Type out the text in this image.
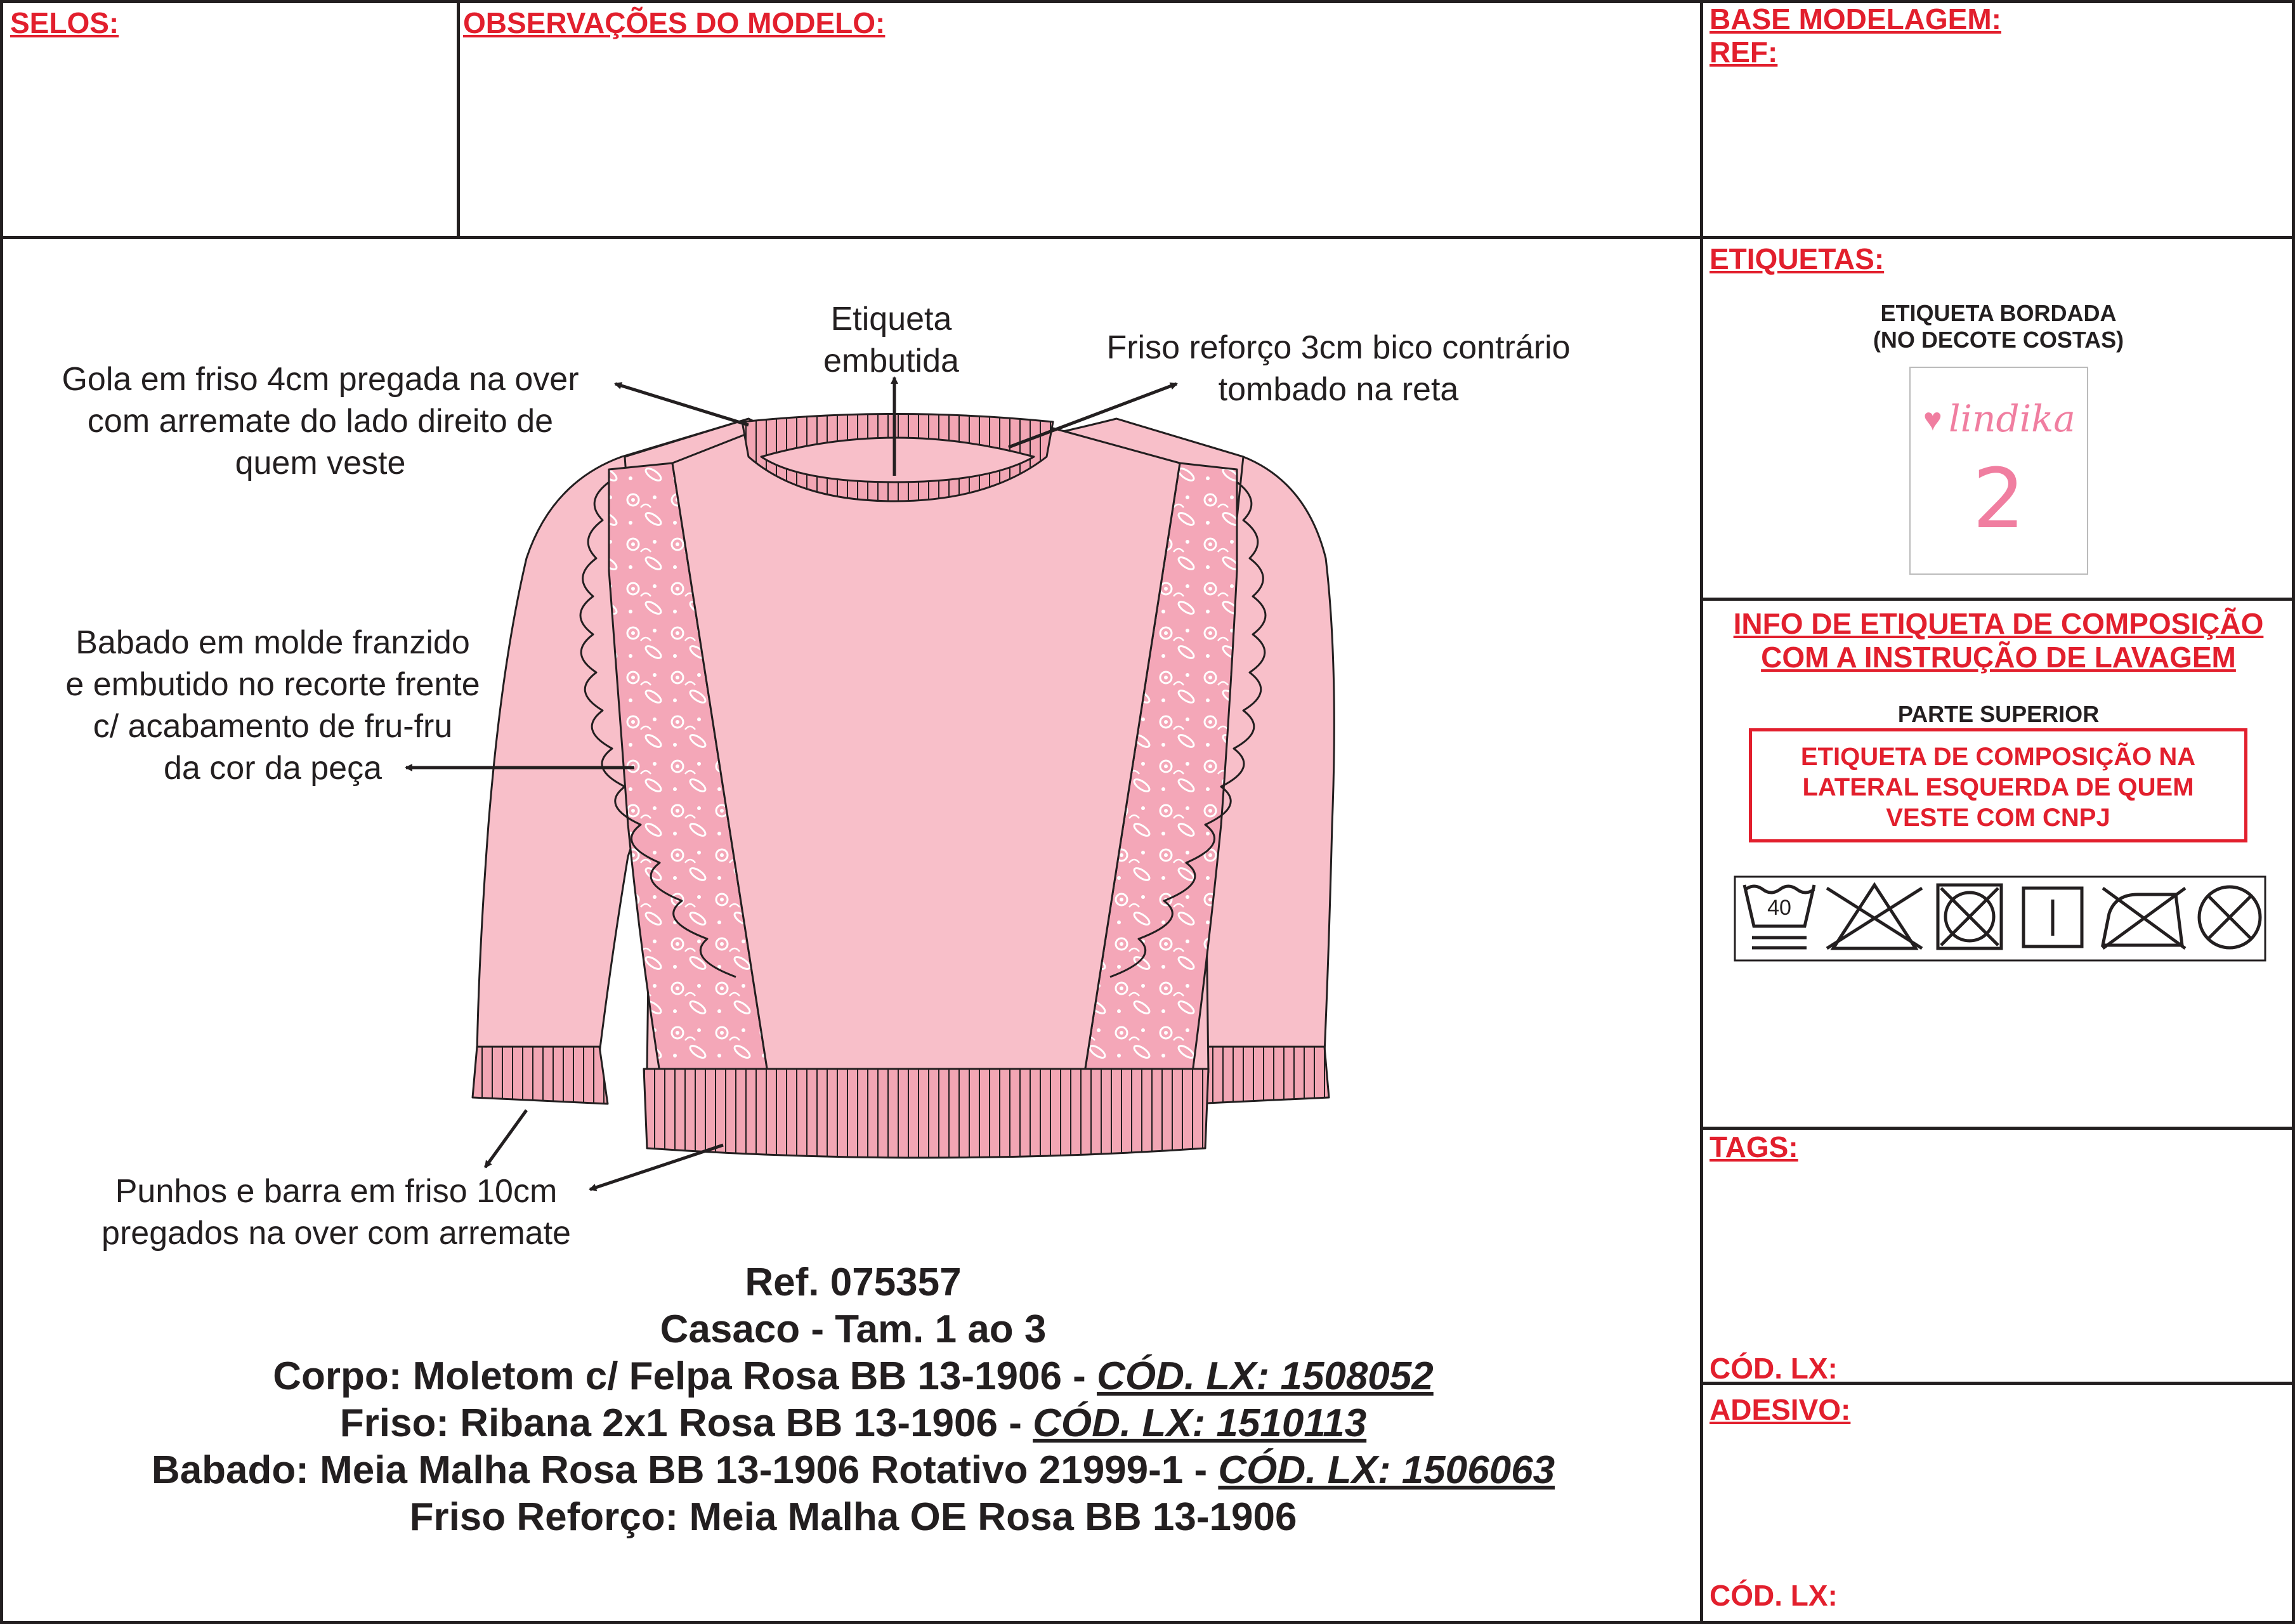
SELOS:	OBSERVAÇÕES DO MODELO:	BASE MODELAGEM:
REF:
Etiqueta
embutida
Gola em friso 4cm pregada na over
com arremate do lado direito de
quem veste
Friso reforço 3cm bico contrário
tombado na reta
Babado em molde franzido
e embutido no recorte frente
c/ acabamento de fru-fru
da cor da peça
Punhos e barra em friso 10cm
pregados na over com arremate
Ref. 075357
Casaco - Tam. 1 ao 3
Corpo: Moletom c/ Felpa Rosa BB 13-1906 - CÓD. LX: 1508052
Friso: Ribana 2x1 Rosa BB 13-1906 - CÓD. LX: 1510113
Babado: Meia Malha Rosa BB 13-1906 Rotativo 21999-1 - CÓD. LX: 1506063
Friso Reforço: Meia Malha OE Rosa BB 13-1906
ETIQUETAS:
ETIQUETA BORDADA
(NO DECOTE COSTAS)
♥ lindika
2
INFO DE ETIQUETA DE COMPOSIÇÃO
COM A INSTRUÇÃO DE LAVAGEM
PARTE SUPERIOR
ETIQUETA DE COMPOSIÇÃO NA
LATERAL ESQUERDA DE QUEM
VESTE COM CNPJ
40
TAGS:
CÓD. LX:
ADESIVO:
CÓD. LX:
